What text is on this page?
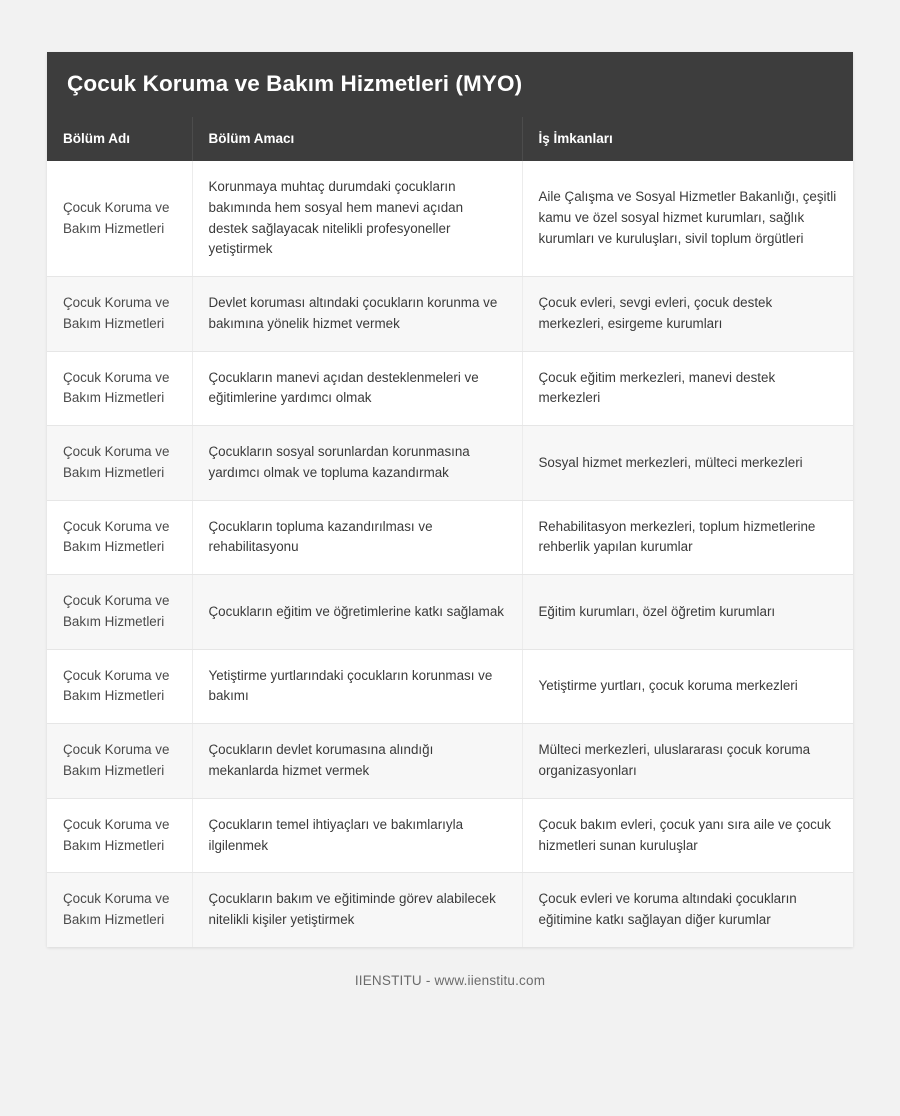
Çocuk Koruma ve Bakım Hizmetleri (MYO)
Bölüm Adı	Bölüm Amacı	İş İmkanları
Çocuk Koruma ve Bakım Hizmetleri	Korunmaya muhtaç durumdaki çocukların bakımında hem sosyal hem manevi açıdan destek sağlayacak nitelikli profesyoneller yetiştirmek	Aile Çalışma ve Sosyal Hizmetler Bakanlığı, çeşitli kamu ve özel sosyal hizmet kurumları, sağlık kurumları ve kuruluşları, sivil toplum örgütleri
Çocuk Koruma ve Bakım Hizmetleri	Devlet koruması altındaki çocukların korunma ve bakımına yönelik hizmet vermek	Çocuk evleri, sevgi evleri, çocuk destek merkezleri, esirgeme kurumları
Çocuk Koruma ve Bakım Hizmetleri	Çocukların manevi açıdan desteklenmeleri ve eğitimlerine yardımcı olmak	Çocuk eğitim merkezleri, manevi destek merkezleri
Çocuk Koruma ve Bakım Hizmetleri	Çocukların sosyal sorunlardan korunmasına yardımcı olmak ve topluma kazandırmak	Sosyal hizmet merkezleri, mülteci merkezleri
Çocuk Koruma ve Bakım Hizmetleri	Çocukların topluma kazandırılması ve rehabilitasyonu	Rehabilitasyon merkezleri, toplum hizmetlerine rehberlik yapılan kurumlar
Çocuk Koruma ve Bakım Hizmetleri	Çocukların eğitim ve öğretimlerine katkı sağlamak	Eğitim kurumları, özel öğretim kurumları
Çocuk Koruma ve Bakım Hizmetleri	Yetiştirme yurtlarındaki çocukların korunması ve bakımı	Yetiştirme yurtları, çocuk koruma merkezleri
Çocuk Koruma ve Bakım Hizmetleri	Çocukların devlet korumasına alındığı mekanlarda hizmet vermek	Mülteci merkezleri, uluslararası çocuk koruma organizasyonları
Çocuk Koruma ve Bakım Hizmetleri	Çocukların temel ihtiyaçları ve bakımlarıyla ilgilenmek	Çocuk bakım evleri, çocuk yanı sıra aile ve çocuk hizmetleri sunan kuruluşlar
Çocuk Koruma ve Bakım Hizmetleri	Çocukların bakım ve eğitiminde görev alabilecek nitelikli kişiler yetiştirmek	Çocuk evleri ve koruma altındaki çocukların eğitimine katkı sağlayan diğer kurumlar
IIENSTITU - www.iienstitu.com
